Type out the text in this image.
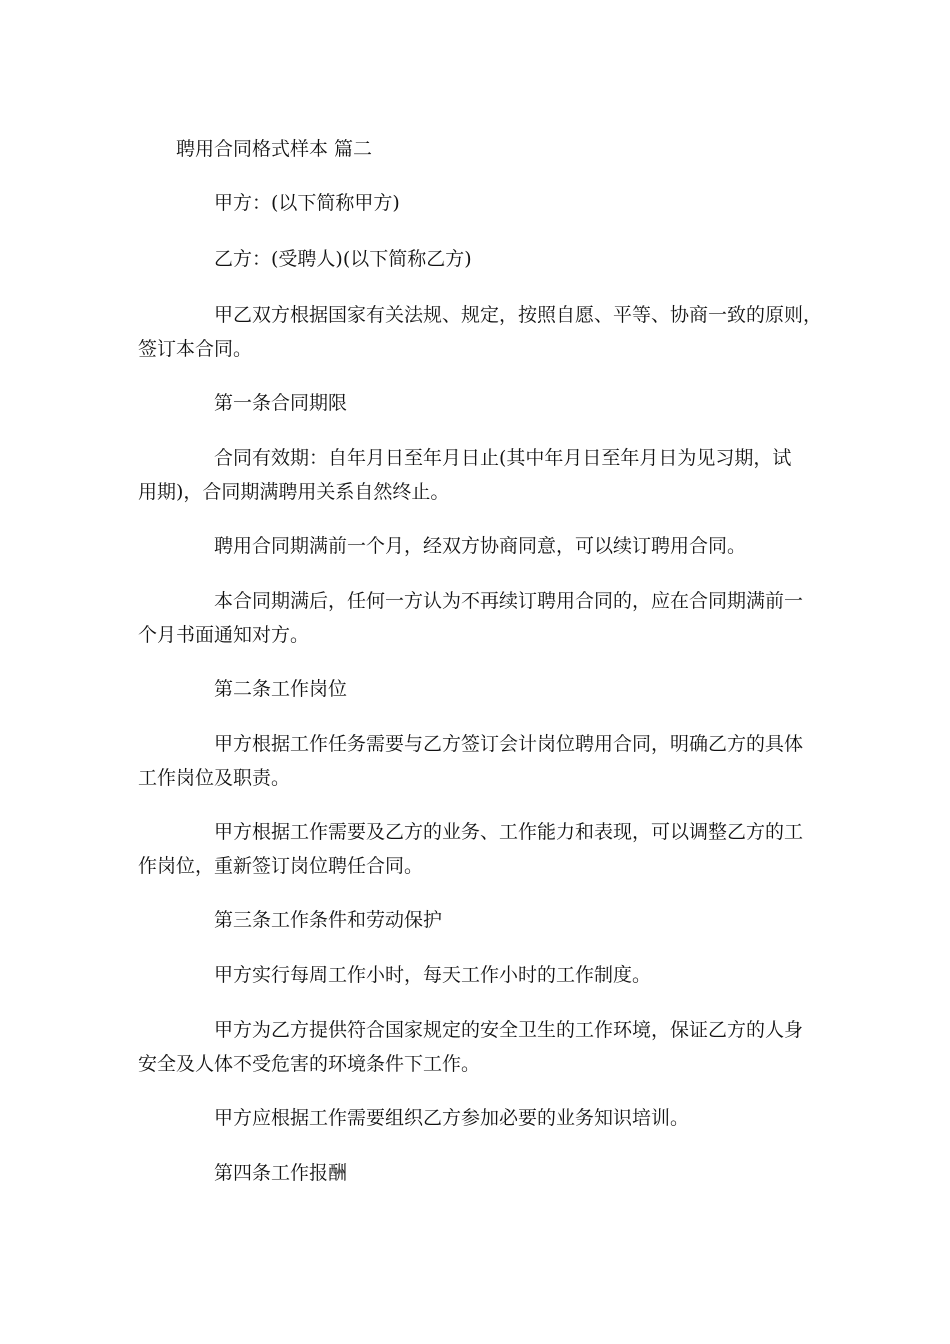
聘用合同格式样本 篇二
甲方：(以下简称甲方)
乙方：(受聘人)(以下简称乙方)
甲乙双方根据国家有关法规、规定，按照自愿、平等、协商一致的原则，
签订本合同。
第一条合同期限
合同有效期：自年月日至年月日止(其中年月日至年月日为见习期，试
用期)，合同期满聘用关系自然终止。
聘用合同期满前一个月，经双方协商同意，可以续订聘用合同。
本合同期满后，任何一方认为不再续订聘用合同的，应在合同期满前一
个月书面通知对方。
第二条工作岗位
甲方根据工作任务需要与乙方签订会计岗位聘用合同，明确乙方的具体
工作岗位及职责。
甲方根据工作需要及乙方的业务、工作能力和表现，可以调整乙方的工
作岗位，重新签订岗位聘任合同。
第三条工作条件和劳动保护
甲方实行每周工作小时，每天工作小时的工作制度。
甲方为乙方提供符合国家规定的安全卫生的工作环境，保证乙方的人身
安全及人体不受危害的环境条件下工作。
甲方应根据工作需要组织乙方参加必要的业务知识培训。
第四条工作报酬
